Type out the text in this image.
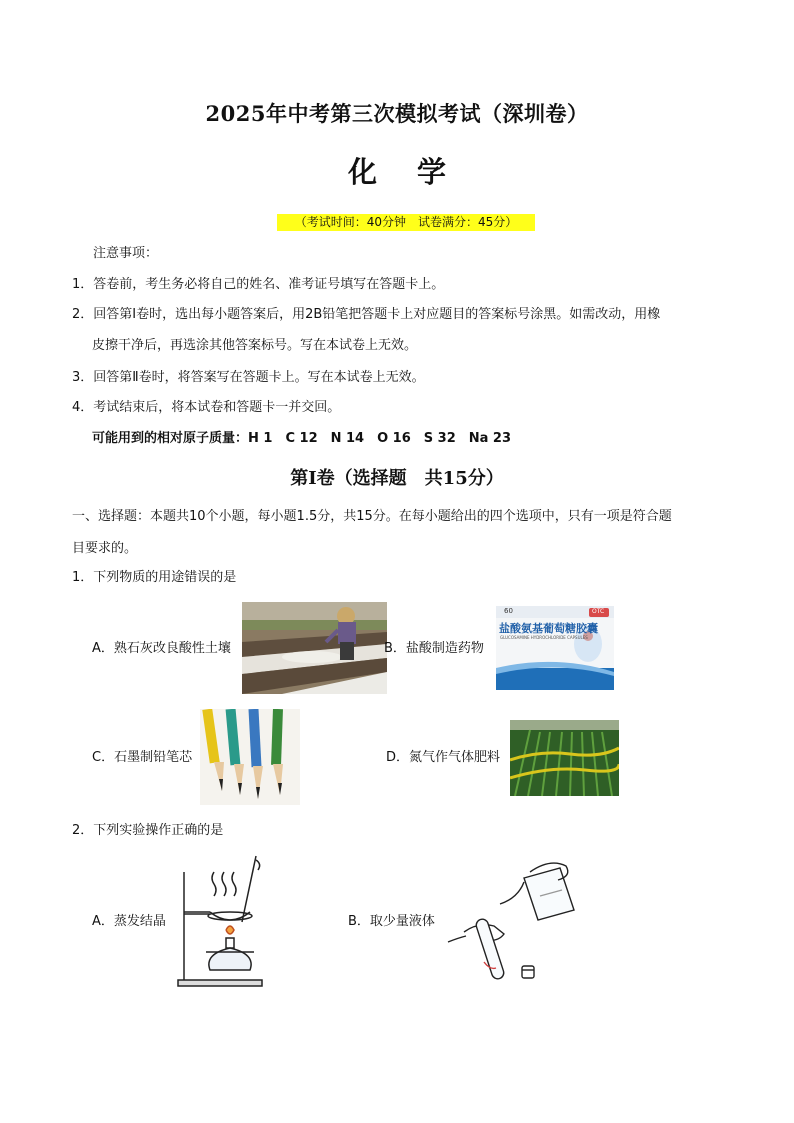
2025年中考第三次模拟考试（深圳卷）
化 学
（考试时间：40分钟　试卷满分：45分）
注意事项：
1．答卷前，考生务必将自己的姓名、准考证号填写在答题卡上。
2．回答第Ⅰ卷时，选出每小题答案后，用2B铅笔把答题卡上对应题目的答案标号涂黑。如需改动，用橡
皮擦干净后，再选涂其他答案标号。写在本试卷上无效。
3．回答第Ⅱ卷时，将答案写在答题卡上。写在本试卷上无效。
4．考试结束后，将本试卷和答题卡一并交回。
可能用到的相对原子质量：H 1　C 12　N 14　O 16　S 32　Na 23
第Ⅰ卷（选择题　共15分）
一、选择题：本题共10个小题，每小题1.5分，共15分。在每小题给出的四个选项中，只有一项是符合题
目要求的。
1．下列物质的用途错误的是
A．熟石灰改良酸性土壤	B．盐酸制造药物
60	OTC
盐酸氨基葡萄糖胶囊
GLUCOSAMINE HYDROCHLORIDE CAPSULES
C．石墨制铅笔芯	D．氮气作气体肥料
2．下列实验操作正确的是
A．蒸发结晶	B．取少量液体
